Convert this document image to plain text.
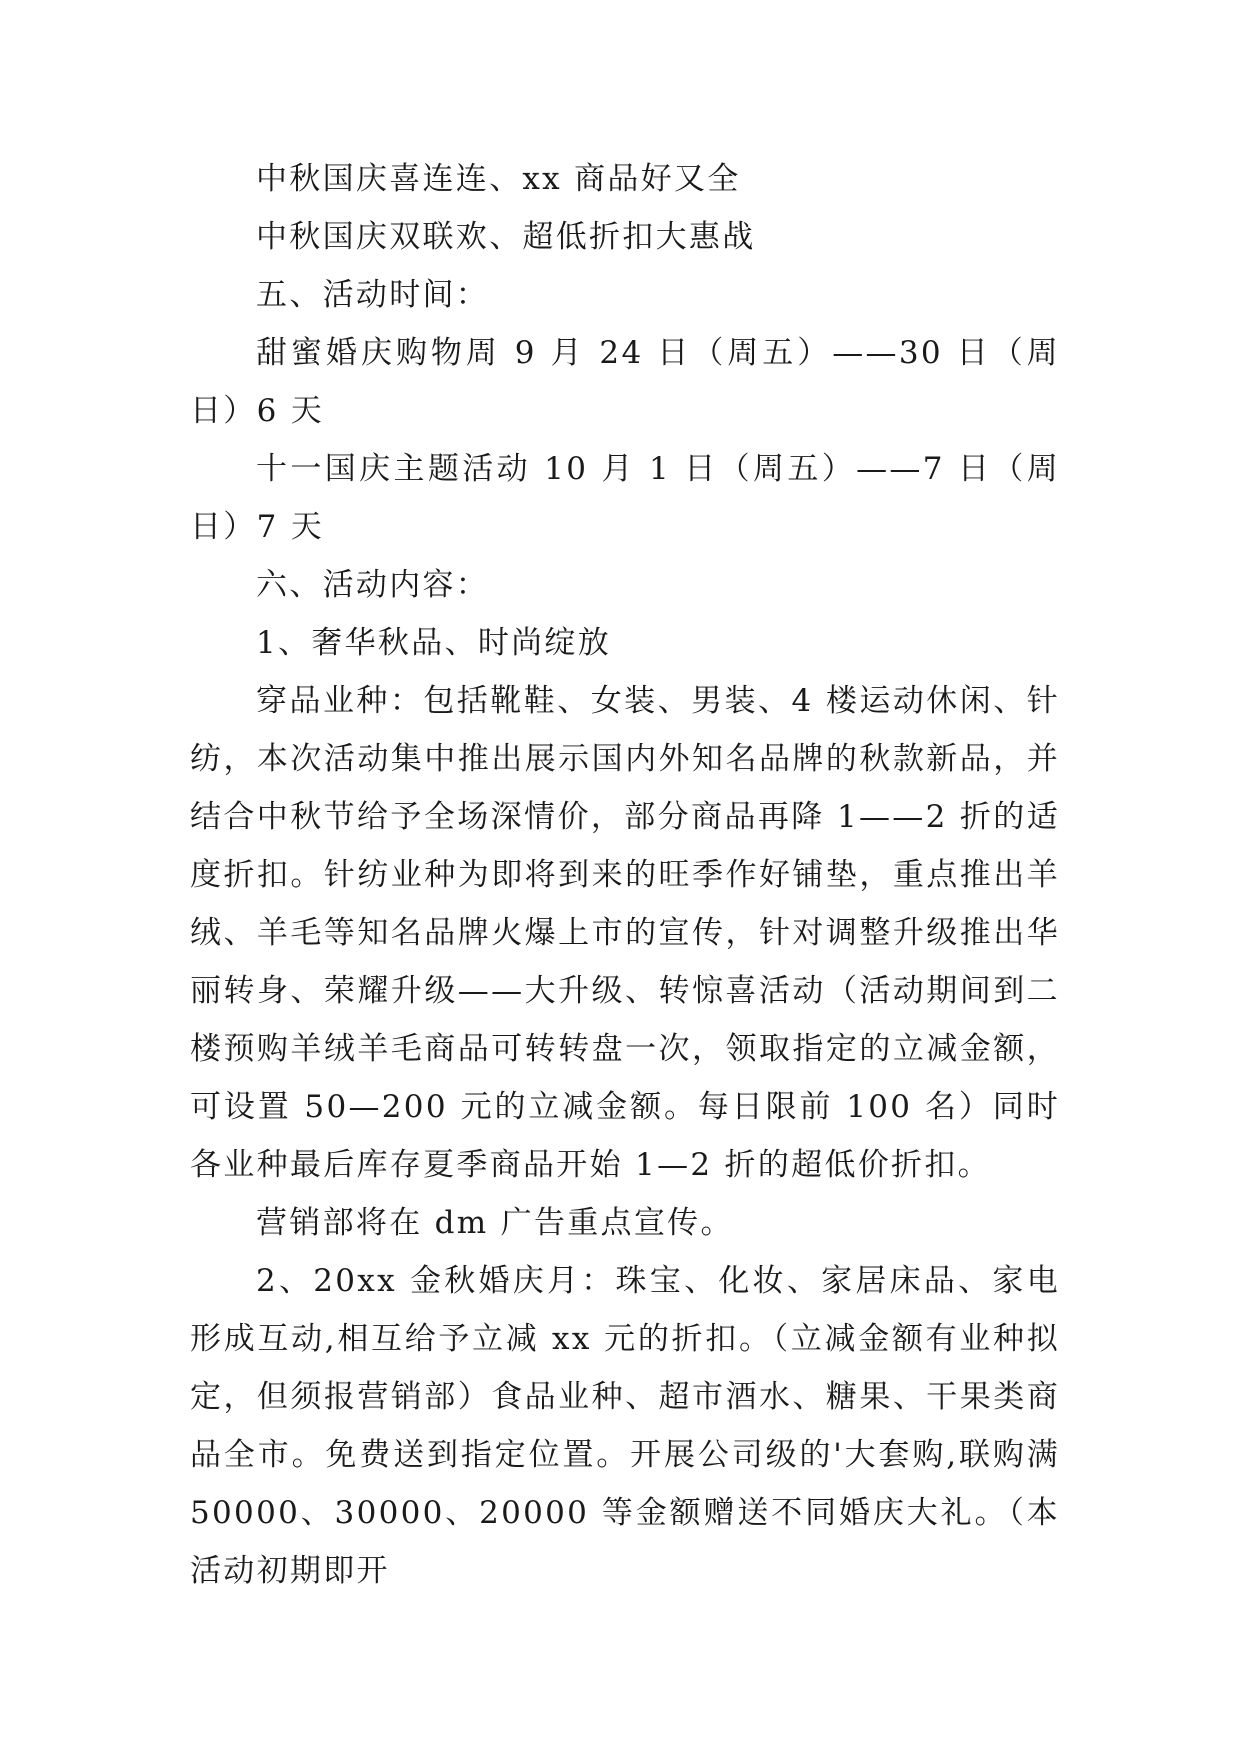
中秋国庆喜连连、xx 商品好又全

中秋国庆双联欢、超低折扣大惠战

五、活动时间：

甜蜜婚庆购物周 9 月 24 日（周五）——30 日（周日）6 天

十一国庆主题活动 10 月 1 日（周五）——7 日（周日）7 天

六、活动内容：

1、奢华秋品、时尚绽放

穿品业种：包括靴鞋、女装、男装、4 楼运动休闲、针纺，本次活动集中推出展示国内外知名品牌的秋款新品，并结合中秋节给予全场深情价，部分商品再降 1——2 折的适度折扣。针纺业种为即将到来的旺季作好铺垫，重点推出羊绒、羊毛等知名品牌火爆上市的宣传，针对调整升级推出华丽转身、荣耀升级——大升级、转惊喜活动（活动期间到二楼预购羊绒羊毛商品可转转盘一次，领取指定的立减金额，可设置 50—200 元的立减金额。每日限前 100 名）同时各业种最后库存夏季商品开始 1—2 折的超低价折扣。

营销部将在 dm 广告重点宣传。

2、20xx 金秋婚庆月：珠宝、化妆、家居床品、家电形成互动,相互给予立减 xx 元的折扣。（立减金额有业种拟定，但须报营销部）食品业种、超市酒水、糖果、干果类商品全市。免费送到指定位置。开展公司级的'大套购,联购满 50000、30000、20000 等金额赠送不同婚庆大礼。（本活动初期即开
